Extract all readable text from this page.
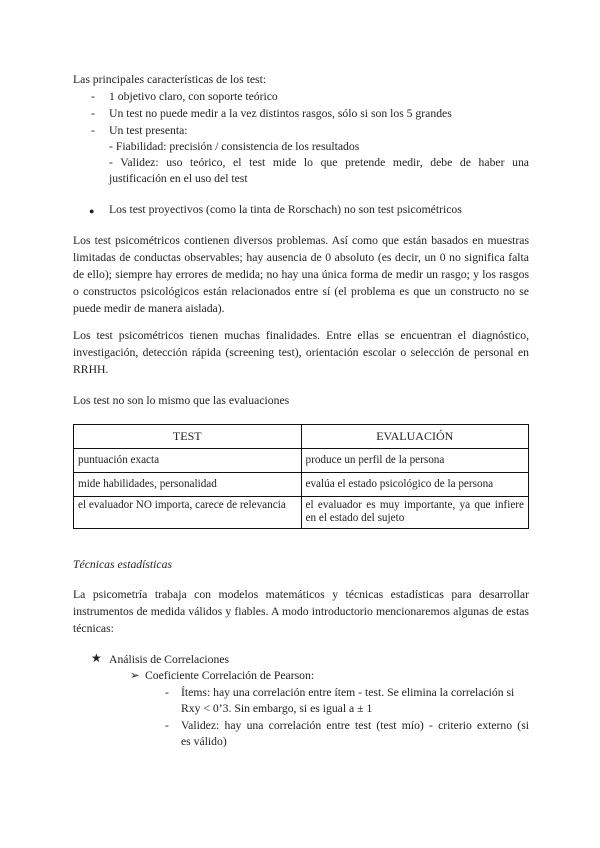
Las principales características de los test:
-	1 objetivo claro, con soporte teórico
-	Un test no puede medir a la vez distintos rasgos, sólo si son los 5 grandes
-	Un test presenta:
- Fiabilidad: precisión / consistencia de los resultados
- Validez: uso teórico, el test mide lo que pretende medir, debe de haber una
justificación en el uso del test
● Los test proyectivos (como la tinta de Rorschach) no son test psicométricos
Los test psicométricos contienen diversos problemas. Así como que están basados en muestras limitadas de conductas observables; hay ausencia de 0 absoluto (es decir, un 0 no significa falta de ello); siempre hay errores de medida; no hay una única forma de medir un rasgo; y los rasgos o constructos psicológicos están relacionados entre sí (el problema es que un constructo no se puede medir de manera aislada).
Los test psicométricos tienen muchas finalidades. Entre ellas se encuentran el diagnóstico, investigación, detección rápida (screening test), orientación escolar o selección de personal en RRHH.
Los test no son lo mismo que las evaluaciones
TEST	EVALUACIÓN
puntuación exacta	produce un perfil de la persona
mide habilidades, personalidad	evalúa el estado psicológico de la persona
el evaluador NO importa, carece de relevancia	el evaluador es muy importante, ya que infiere en el estado del sujeto
Técnicas estadísticas
La psicometría trabaja con modelos matemáticos y técnicas estadísticas para desarrollar instrumentos de medida válidos y fiables. A modo introductorio mencionaremos algunas de estas técnicas:
★ Análisis de Correlaciones
➢ Coeficiente Correlación de Pearson:
-	Ítems: hay una correlación entre ítem - test. Se elimina la correlación si
Rxy < 0’3. Sin embargo, si es igual a ± 1
-	Validez: hay una correlación entre test (test mío) - criterio externo (si
es válido)
